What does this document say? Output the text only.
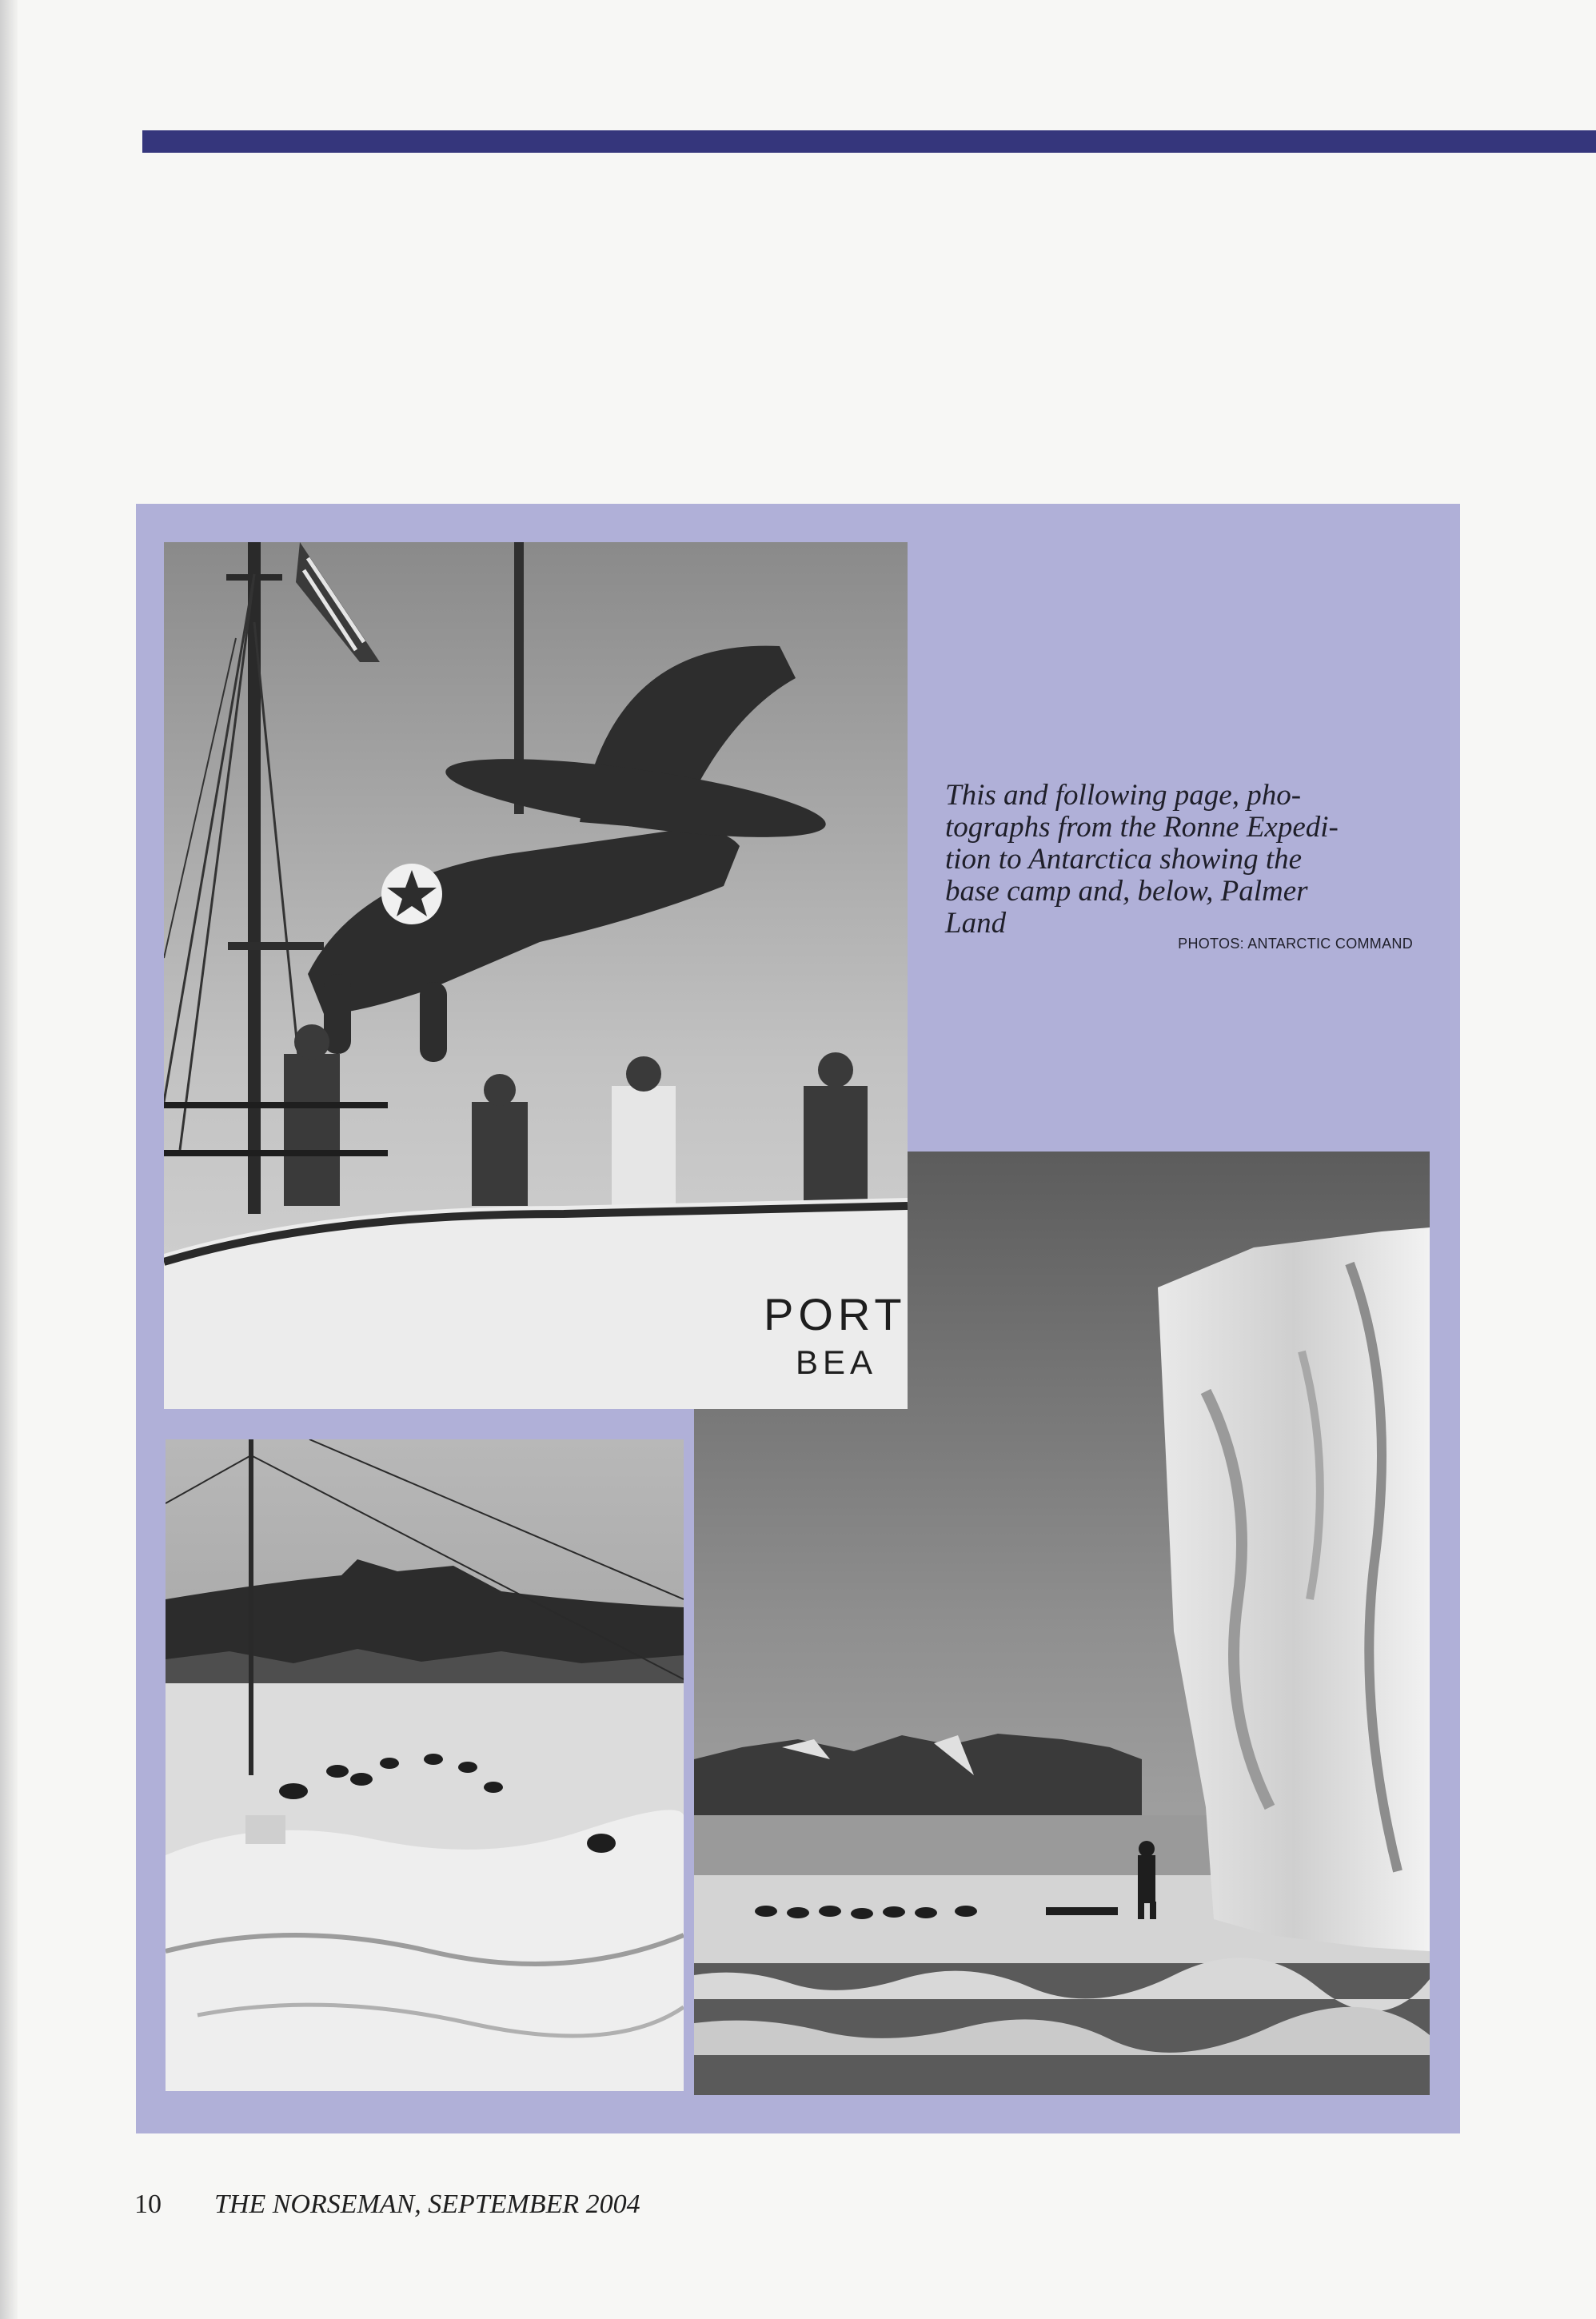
PORT
BEA
This and following page, pho-
tographs from the Ronne Expedi-
tion to Antarctica showing the
base camp and, below, Palmer
Land
PHOTOS: ANTARCTIC COMMAND
10 THE NORSEMAN, SEPTEMBER 2004
